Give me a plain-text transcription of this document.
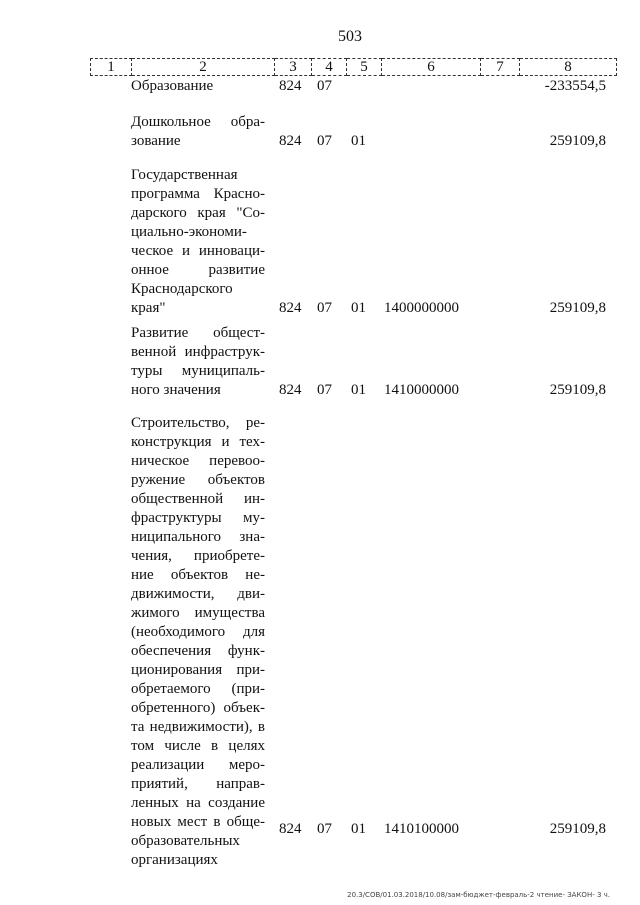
503
1	2	3	4	5	6	7	8
Образование	824 07	-233554,5
Дошкольное обра-
зование	824 07 01	259109,8
Государственная
программа Красно-
дарского края "Со-
циально-экономи-
ческое и инноваци-
онное развитие
Краснодарского
края"	824 07 01 1400000000	259109,8
Развитие общест-
венной инфраструк-
туры муниципаль-
ного значения	824 07 01 1410000000	259109,8
Строительство, ре-
конструкция и тех-
ническое перевоо-
ружение объектов
общественной ин-
фраструктуры му-
ниципального зна-
чения, приобрете-
ние объектов не-
движимости, дви-
жимого имущества
(необходимого для
обеспечения функ-
ционирования при-
обретаемого (при-
обретенного) объек-
та недвижимости), в
том числе в целях
реализации меро-
приятий, направ-
ленных на создание
новых мест в обще-
образовательных
организациях
824 07 01 1410100000	259109,8
20.3/СОВ/01.03.2018/10.08/зам-бюджет-февраль-2 чтение- ЗАКОН- 3 ч.
